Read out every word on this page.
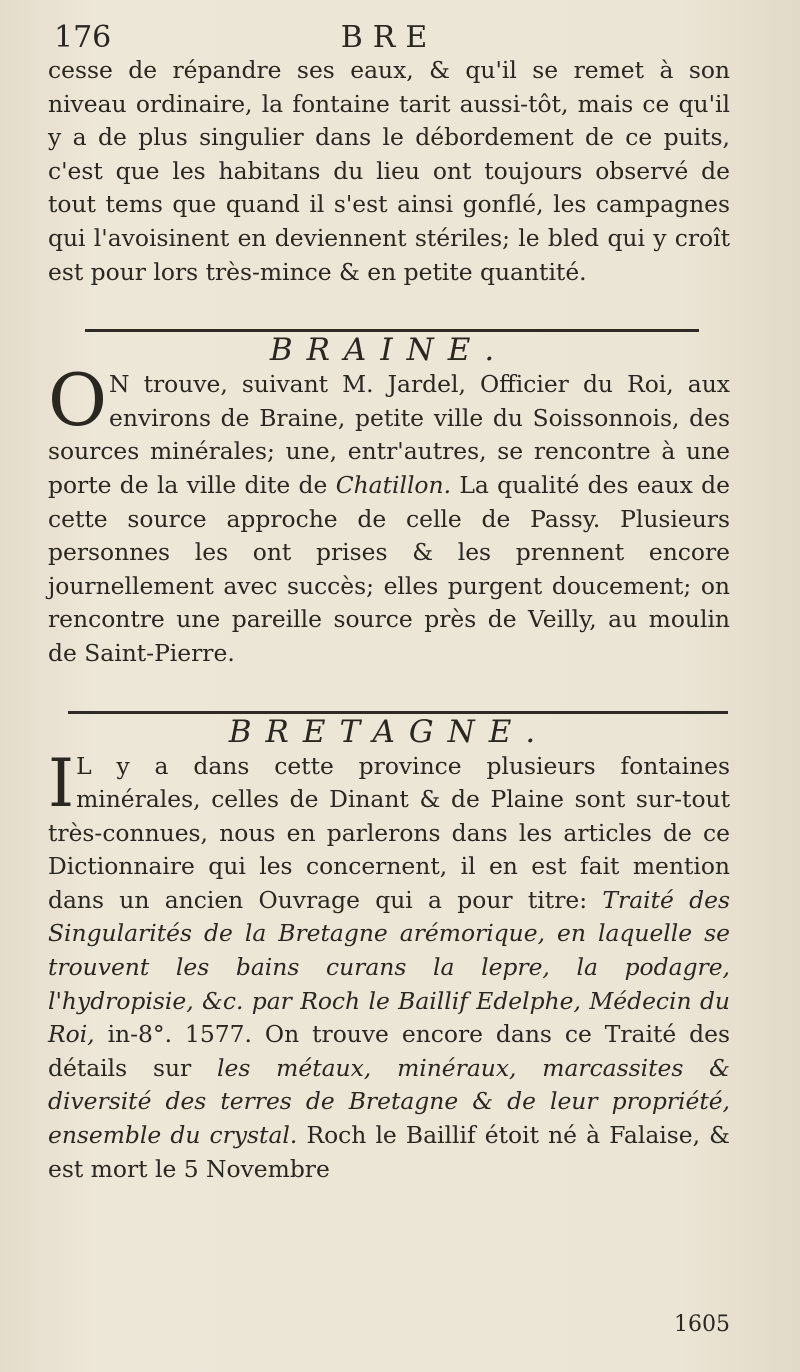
176	BRE

cesse de répandre ses eaux, & qu'il se remet à son niveau ordinaire, la fontaine tarit aussi-tôt, mais ce qu'il y a de plus singulier dans le débordement de ce puits, c'est que les habitans du lieu ont toujours observé de tout tems que quand il s'est ainsi gonflé, les campagnes qui l'avoisinent en deviennent stériles; le bled qui y croît est pour lors très-mince & en petite quantité.

BRAINE.

O N trouve, suivant M. Jardel, Officier du Roi, aux environs de Braine, petite ville du Soissonnois, des sources minérales; une, entr'autres, se rencontre à une porte de la ville dite de Chatillon. La qualité des eaux de cette source approche de celle de Passy. Plusieurs personnes les ont prises & les prennent encore journellement avec succès; elles purgent doucement; on rencontre une pareille source près de Veilly, au moulin de Saint-Pierre.

BRETAGNE.

I L y a dans cette province plusieurs fontaines minérales, celles de Dinant & de Plaine sont sur-tout très-connues, nous en parlerons dans les articles de ce Dictionnaire qui les concernent, il en est fait mention dans un ancien Ouvrage qui a pour titre: Traité des Singularités de la Bretagne arémorique, en laquelle se trouvent les bains curans la lepre, la podagre, l'hydropisie, &c. par Roch le Baillif Edelphe, Médecin du Roi, in-8°. 1577. On trouve encore dans ce Traité des détails sur les métaux, minéraux, marcassites & diversité des terres de Bretagne & de leur propriété, ensemble du crystal. Roch le Baillif étoit né à Falaise, & est mort le 5 Novembre

1605
